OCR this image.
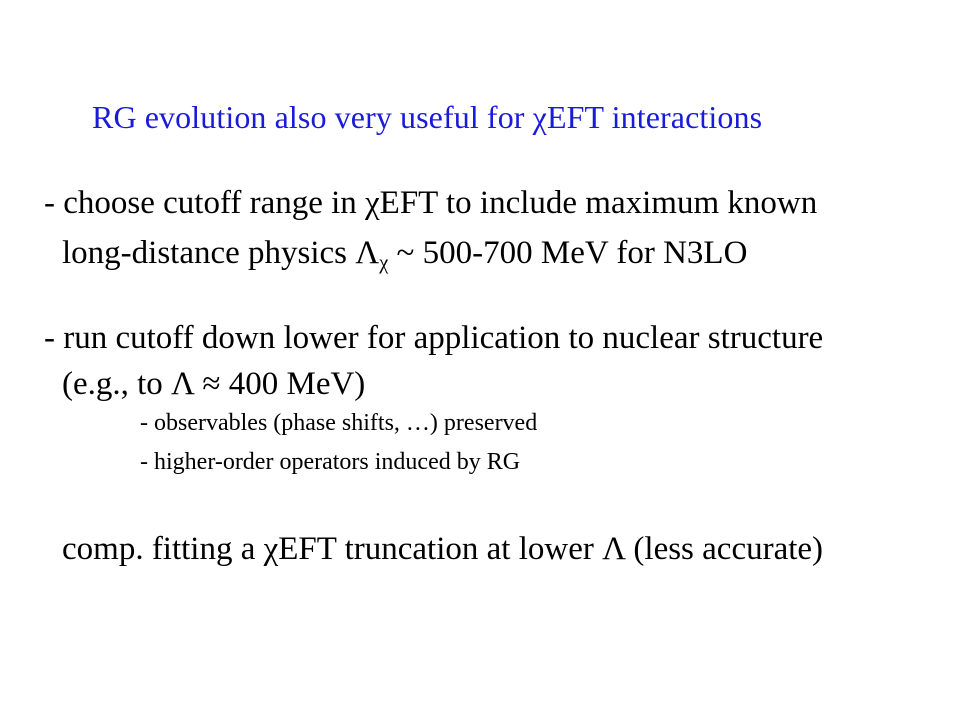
RG evolution also very useful for χEFT interactions
- choose cutoff range in χEFT to include maximum known
long-distance physics Λχ ~ 500-700 MeV for N3LO
- run cutoff down lower for application to nuclear structure
(e.g., to Λ ≈ 400 MeV)
- observables (phase shifts, …) preserved
- higher-order operators induced by RG
comp. fitting a χEFT truncation at lower Λ (less accurate)
